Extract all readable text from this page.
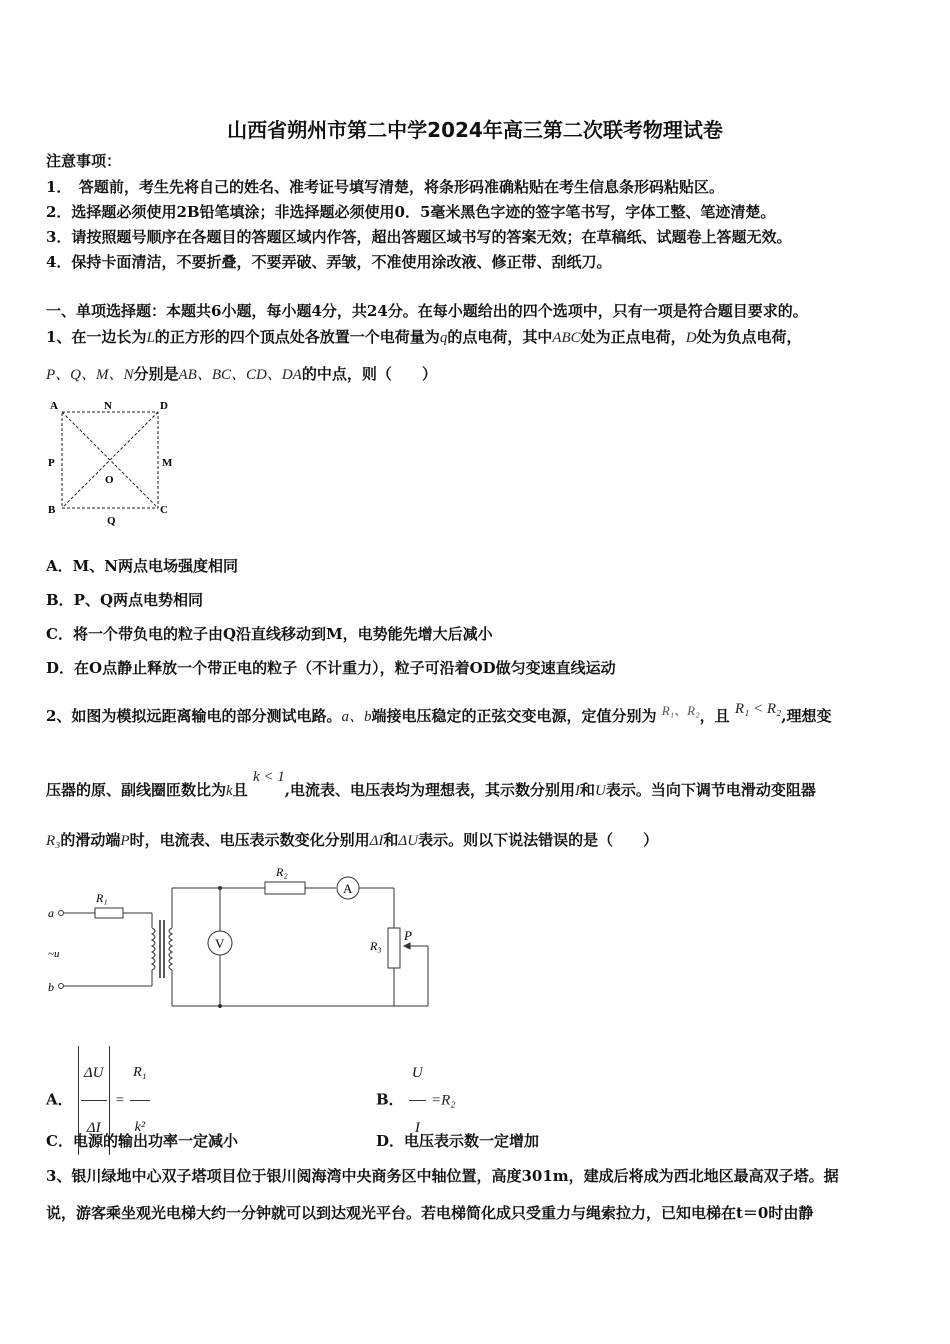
山西省朔州市第二中学2024年高三第二次联考物理试卷
注意事项：
1．　答题前，考生先将自己的姓名、准考证号填写清楚，将条形码准确粘贴在考生信息条形码粘贴区。
2．选择题必须使用2B铅笔填涂；非选择题必须使用0．5毫米黑色字迹的签字笔书写，字体工整、笔迹清楚。
3．请按照题号顺序在各题目的答题区域内作答，超出答题区域书写的答案无效；在草稿纸、试题卷上答题无效。
4．保持卡面清洁，不要折叠，不要弄破、弄皱，不准使用涂改液、修正带、刮纸刀。
一、单项选择题：本题共6小题，每小题4分，共24分。在每小题给出的四个选项中，只有一项是符合题目要求的。
1、在一边长为L的正方形的四个顶点处各放置一个电荷量为q的点电荷，其中ABC处为正点电荷，D处为负点电荷，
P、Q、M、N分别是AB、BC、CD、DA的中点，则（　　）
A	N	D
P
O
M
B
Q
C
A．M、N两点电场强度相同
B．P、Q两点电势相同
C．将一个带负电的粒子由Q沿直线移动到M，电势能先增大后减小
D．在O点静止释放一个带正电的粒子（不计重力），粒子可沿着OD做匀变速直线运动
2、如图为模拟远距离输电的部分测试电路。a、b端接电压稳定的正弦交变电源，定值分别为 R₁、R₂，且 R₁ < R₂,理想变
压器的原、副线圈匝数比为k且 k < 1,电流表、电压表均为理想表，其示数分别用I和U表示。当向下调节电滑动变阻器
R₃的滑动端P时，电流表、电压表示数变化分别用ΔI和ΔU表示。则以下说法错误的是（　　）
a
~u
b
R₁
R₂
A
V	R₃
P
A． $\frac{\Delta U}{\Delta I} = \frac{\text{R₁}}{\text{k²}}$	B． $\frac{U}{I} =R_2$
C．电源的输出功率一定减小	D．电压表示数一定增加
3、银川绿地中心双子塔项目位于银川阅海湾中央商务区中轴位置，高度301m，建成后将成为西北地区最高双子塔。据
说，游客乘坐观光电梯大约一分钟就可以到达观光平台。若电梯简化成只受重力与绳索拉力，已知电梯在t＝0时由静
